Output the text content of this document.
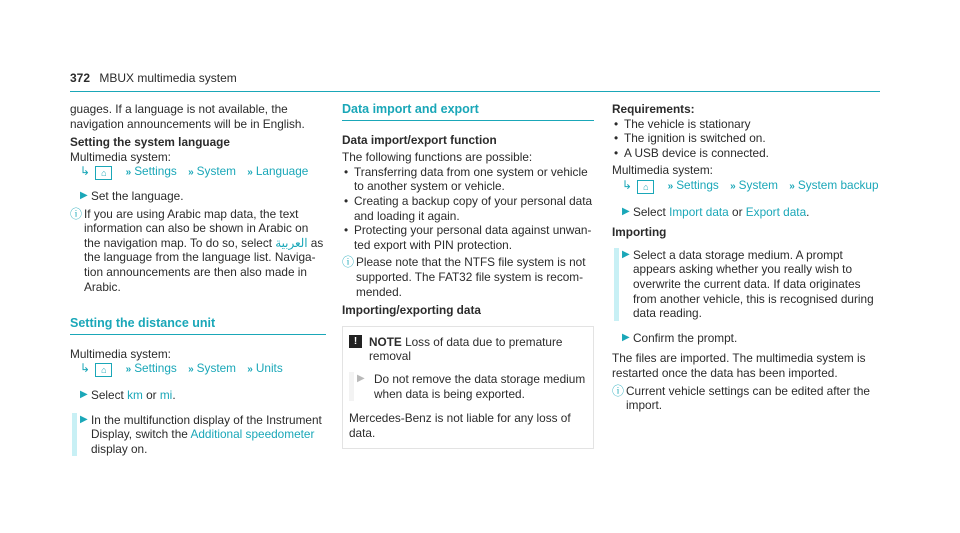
372 MBUX multimedia system

guages. If a language is not available, the navigation announcements will be in English.

Setting the system language

Multimedia system:

↳ ⌂ » Settings » System » Language

▶ Set the language.
ⓘ If you are using Arabic map data, the text information can also be shown in Arabic on the navigation map. To do so, select العربية as the language from the language list. Navigation announcements are then also made in Arabic.
Setting the distance unit

Multimedia system:

↳ ⌂ » Settings » System » Units

▶ Select km or mi.
▶ In the multifunction display of the Instrument Display, switch the Additional speedometer display on.
Data import and export

Data import/export function

The following functions are possible:

• Transferring data from one system or vehicle to another system or vehicle.
• Creating a backup copy of your personal data and loading it again.
• Protecting your personal data against unwanted export with PIN protection.
ⓘ Please note that the NTFS file system is not supported. The FAT32 file system is recommended.

Importing/exporting data

!	NOTE Loss of data due to premature removal
▶ Do not remove the data storage medium when data is being exported.

Mercedes-Benz is not liable for any loss of data.

Requirements:

• The vehicle is stationary
• The ignition is switched on.
• A USB device is connected.

Multimedia system:

↳ ⌂ » Settings » System » System backup

▶ Select Import data or Export data.

Importing

▶ Select a data storage medium. A prompt appears asking whether you really wish to overwrite the current data. If data originates from another vehicle, this is recognised during data reading.
▶ Confirm the prompt.

The files are imported. The multimedia system is restarted once the data has been imported.

ⓘ Current vehicle settings can be edited after the import.
